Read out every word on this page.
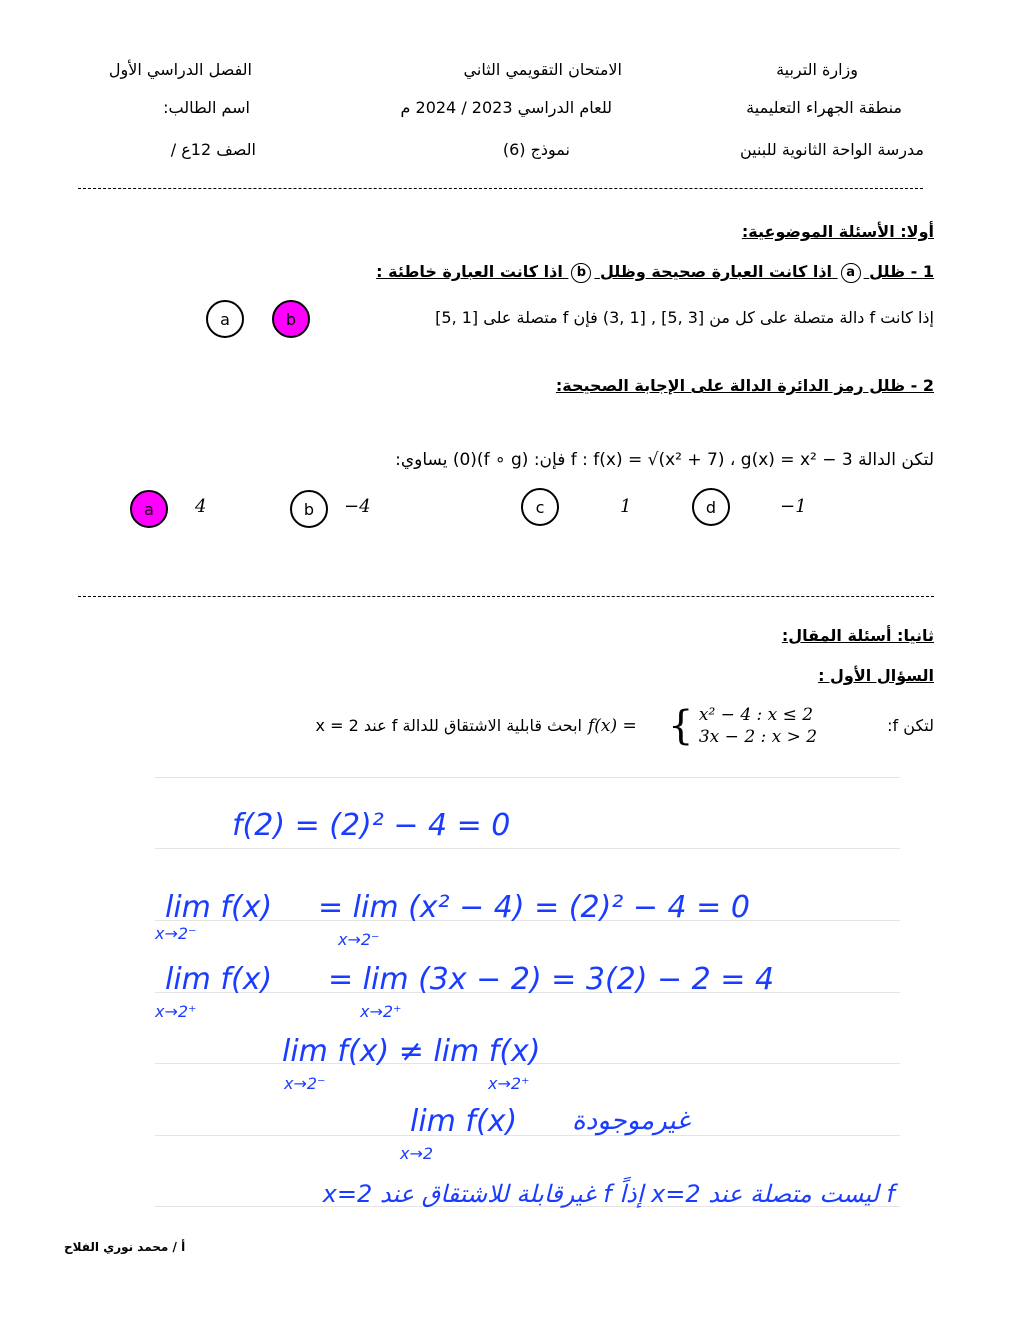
وزارة التربية
منطقة الجهراء التعليمية
مدرسة الواحة الثانوية للبنين
الامتحان التقويمي الثاني
للعام الدراسي 2023 / 2024 م
نموذج (6)
الفصل الدراسي الأول
اسم الطالب:
الصف 12ع /
أولا: الأسئلة الموضوعية:
1 - ظلل a اذا كانت العبارة صحيحة وظلل b اذا كانت العبارة خاطئة :
إذا كانت f دالة متصلة على كل من [3 ,5] , [1 ,3) فإن f متصلة على [1 ,5]
b
a
2 - ظلل رمز الدائرة الدالة على الإجابة الصحيحة:
لتكن الدالة f : f(x) = √(x² + 7) ، g(x) = x² − 3 فإن: (f ∘ g)(0) يساوي:
a	4	b	−4	c	1	d	−1
ثانيا: أسئلة المقال:
السؤال الأول :
لتكن f:
{ x² − 4 : x ≤ 2
3x − 2 : x > 2
f(x) =
ابحث قابلية الاشتقاق للدالة f عند x = 2
f(2) = (2)² − 4 = 0
lim f(x)
x→2⁻
= lim (x² − 4) = (2)² − 4 = 0
x→2⁻
lim f(x)
x→2⁺
= lim (3x − 2) = 3(2) − 2 = 4
x→2⁺
lim f(x) ≠ lim f(x)
x→2⁻	x→2⁺
lim f(x)
x→2
غيرموجودة
f ليست متصلة عند x=2 إذاً f غيرقابلة للاشتقاق عند x=2
أ / محمد نوري الفلاح
